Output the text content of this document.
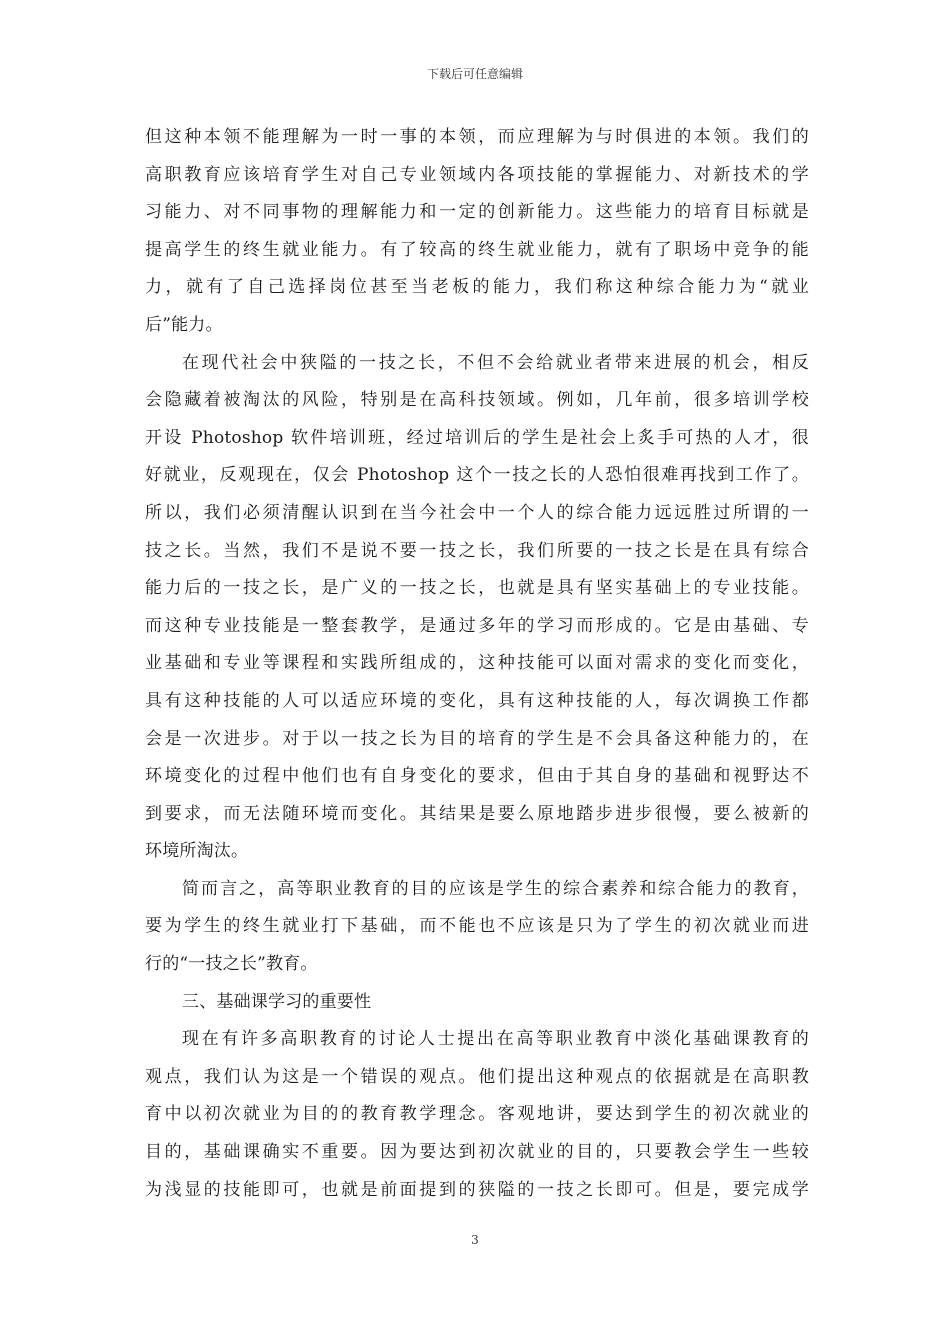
下载后可任意编辑
但这种本领不能理解为一时一事的本领，而应理解为与时俱进的本领。我们的
高职教育应该培育学生对自己专业领域内各项技能的掌握能力、对新技术的学
习能力、对不同事物的理解能力和一定的创新能力。这些能力的培育目标就是
提高学生的终生就业能力。有了较高的终生就业能力，就有了职场中竞争的能
力，就有了自己选择岗位甚至当老板的能力，我们称这种综合能力为“就业
后”能力。
在现代社会中狭隘的一技之长，不但不会给就业者带来进展的机会，相反
会隐藏着被淘汰的风险，特别是在高科技领域。例如，几年前，很多培训学校
开设 Photoshop 软件培训班，经过培训后的学生是社会上炙手可热的人才，很
好就业，反观现在，仅会 Photoshop 这个一技之长的人恐怕很难再找到工作了。
所以，我们必须清醒认识到在当今社会中一个人的综合能力远远胜过所谓的一
技之长。当然，我们不是说不要一技之长，我们所要的一技之长是在具有综合
能力后的一技之长，是广义的一技之长，也就是具有坚实基础上的专业技能。
而这种专业技能是一整套教学，是通过多年的学习而形成的。它是由基础、专
业基础和专业等课程和实践所组成的，这种技能可以面对需求的变化而变化，
具有这种技能的人可以适应环境的变化，具有这种技能的人，每次调换工作都
会是一次进步。对于以一技之长为目的培育的学生是不会具备这种能力的，在
环境变化的过程中他们也有自身变化的要求，但由于其自身的基础和视野达不
到要求，而无法随环境而变化。其结果是要么原地踏步进步很慢，要么被新的
环境所淘汰。
简而言之，高等职业教育的目的应该是学生的综合素养和综合能力的教育，
要为学生的终生就业打下基础，而不能也不应该是只为了学生的初次就业而进
行的“一技之长”教育。
三、基础课学习的重要性
现在有许多高职教育的讨论人士提出在高等职业教育中淡化基础课教育的
观点，我们认为这是一个错误的观点。他们提出这种观点的依据就是在高职教
育中以初次就业为目的的教育教学理念。客观地讲，要达到学生的初次就业的
目的，基础课确实不重要。因为要达到初次就业的目的，只要教会学生一些较
为浅显的技能即可，也就是前面提到的狭隘的一技之长即可。但是，要完成学
3
